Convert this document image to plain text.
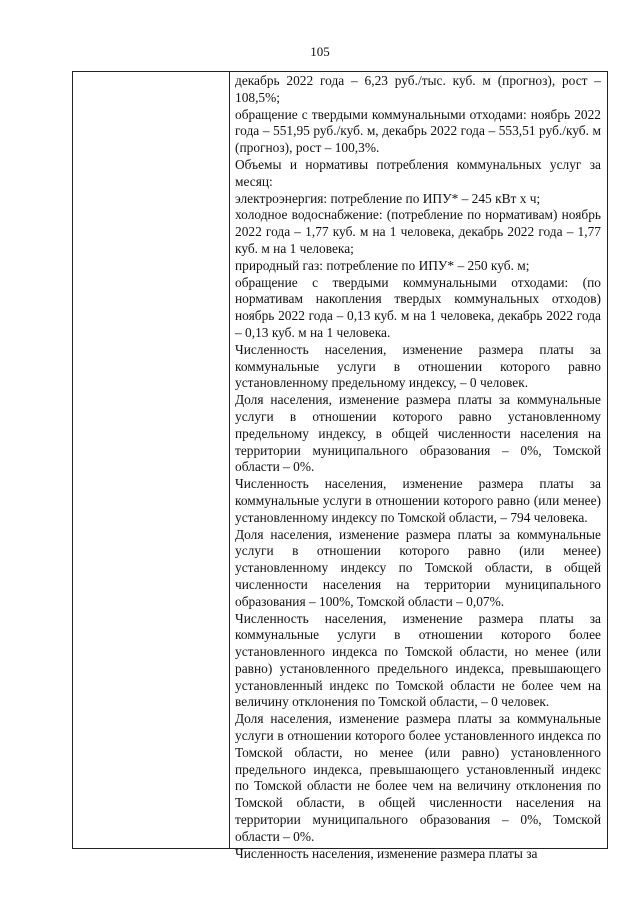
105

декабрь 2022 года – 6,23 руб./тыс. куб. м (прогноз), рост – 108,5%;

обращение с твердыми коммунальными отходами: ноябрь 2022 года – 551,95 руб./куб. м, декабрь 2022 года – 553,51 руб./куб. м (прогноз), рост – 100,3%.

Объемы и нормативы потребления коммунальных услуг за месяц:

электроэнергия: потребление по ИПУ* – 245 кВт х ч;

холодное водоснабжение: (потребление по нормативам) ноябрь 2022 года – 1,77 куб. м на 1 человека, декабрь 2022 года – 1,77 куб. м на 1 человека;

природный газ: потребление по ИПУ* – 250 куб. м;

обращение с твердыми коммунальными отходами: (по нормативам накопления твердых коммунальных отходов) ноябрь 2022 года – 0,13 куб. м на 1 человека, декабрь 2022 года – 0,13 куб. м на 1 человека.

Численность населения, изменение размера платы за коммунальные услуги в отношении которого равно установленному предельному индексу, – 0 человек.

Доля населения, изменение размера платы за коммунальные услуги в отношении которого равно установленному предельному индексу, в общей численности населения на территории муниципального образования – 0%, Томской области – 0%.

Численность населения, изменение размера платы за коммунальные услуги в отношении которого равно (или менее) установленному индексу по Томской области, – 794 человека.

Доля населения, изменение размера платы за коммунальные услуги в отношении которого равно (или менее) установленному индексу по Томской области, в общей численности населения на территории муниципального образования – 100%, Томской области – 0,07%.

Численность населения, изменение размера платы за коммунальные услуги в отношении которого более установленного индекса по Томской области, но менее (или равно) установленного предельного индекса, превышающего установленный индекс по Томской области не более чем на величину отклонения по Томской области, – 0 человек.

Доля населения, изменение размера платы за коммунальные услуги в отношении которого более установленного индекса по Томской области, но менее (или равно) установленного предельного индекса, превышающего установленный индекс по Томской области не более чем на величину отклонения по Томской области, в общей численности населения на территории муниципального образования – 0%, Томской области – 0%.

Численность населения, изменение размера платы за
